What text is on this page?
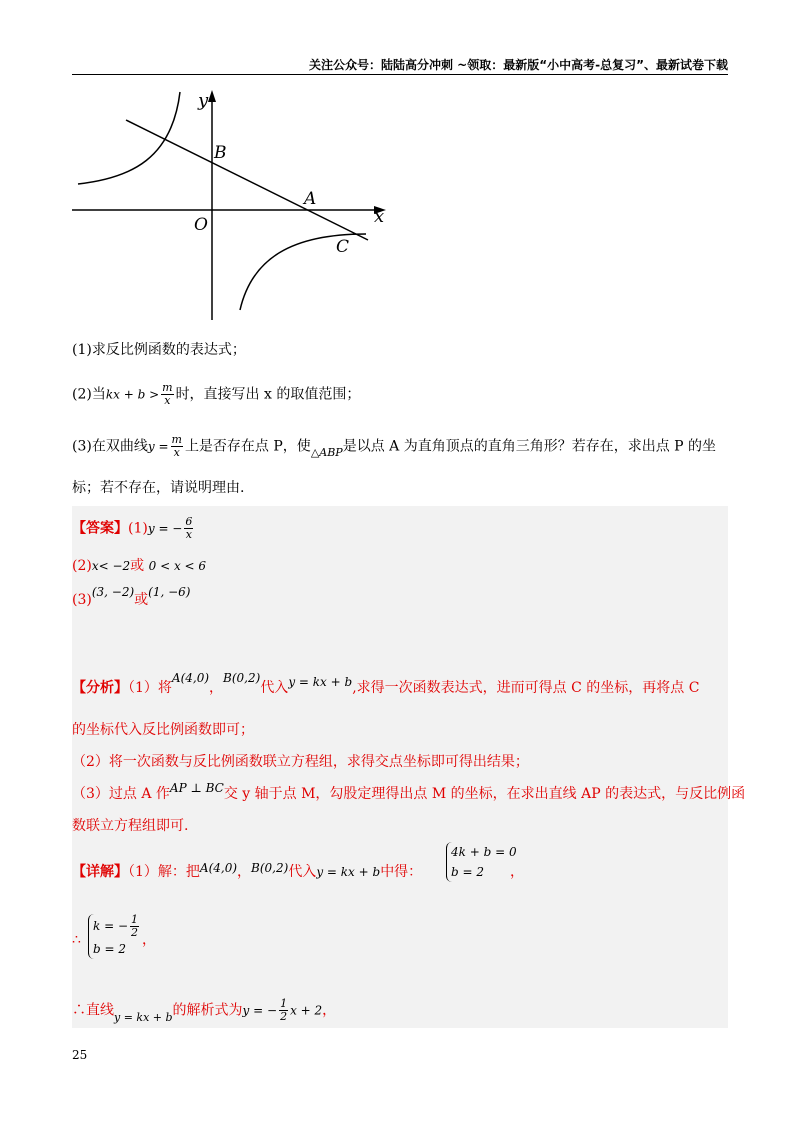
关注公众号：陆陆高分冲刺 ~领取：最新版“小中高考-总复习”、最新试卷下载
y
x
O
B
A
C
(1)求反比例函数的表达式；
(2)当kx + $b > \frac{m}{x}$ 时，直接写出 x 的取值范围；
(3)在双曲线$y = \frac{m}{x}$ 上是否存在点 P，使$_{\triangle ABP}$是以点 A 为直角顶点的直角三角形？若存在，求出点 P 的坐
标；若不存在，请说明理由.
【答案】(1)y = − $\frac{6}{x}$
(2)x< −2或 0 < x < 6
(3)(3, −2)或(1, −6)
【分析】（1）将A(4,0)，B(0,2)代入y = kx + b,求得一次函数表达式，进而可得点 C 的坐标，再将点 C
的坐标代入反比例函数即可；
（2）将一次函数与反比例函数联立方程组，求得交点坐标即可得出结果；
（3）过点 A 作AP ⊥ BC交 y 轴于点 M，勾股定理得出点 M 的坐标，在求出直线 AP 的表达式，与反比例函
数联立方程组即可.
【详解】（1）解：把A(4,0)，B(0,2)代入y = kx + b中得：
4k + b = 0
b = 2	，
∴
k = − $\frac{1}{2}$
b = 2
，
∴直线$_{y = kx + b}$的解析式为y = − $\frac{1}{2}$ x + 2，
25
